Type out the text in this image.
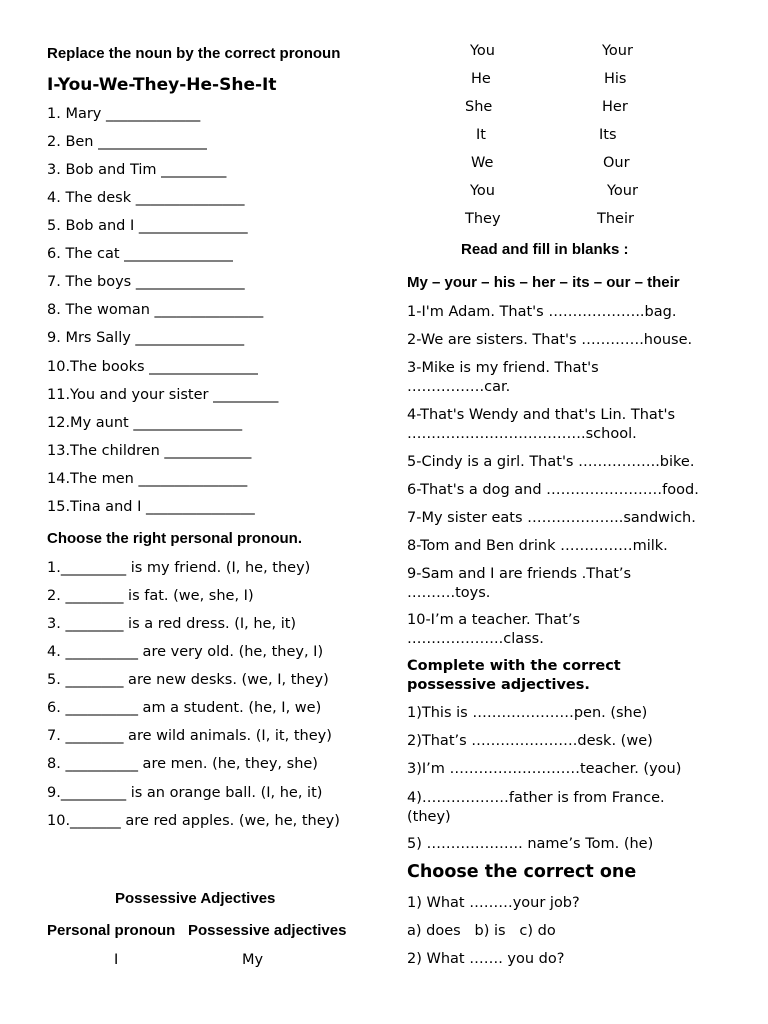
Replace the noun by the correct pronoun
I-You-We-They-He-She-It
1. Mary _____________
2. Ben _______________
3. Bob and Tim _________
4. The desk _______________
5. Bob and I _______________
6. The cat _______________
7. The boys _______________
8. The woman _______________
9. Mrs Sally _______________
10.The books _______________
11.You and your sister _________
12.My aunt _______________
13.The children ____________
14.The men _______________
15.Tina and I _______________
Choose the right personal pronoun.
1._________ is my friend. (I, he, they)
2. ________ is fat. (we, she, I)
3. ________ is a red dress. (I, he, it)
4. __________ are very old. (he, they, I)
5. ________ are new desks. (we, I, they)
6. __________ am a student. (he, I, we)
7. ________ are wild animals. (I, it, they)
8. __________ are men. (he, they, she)
9._________ is an orange ball. (I, he, it)
10._______ are red apples. (we, he, they)
Possessive Adjectives
Personal pronoun Possessive adjectives
I	My
You	Your
He	His
She	Her
It	Its
We	Our
You	Your
They	Their
Read and fill in blanks :
My – your – his – her – its – our – their
1-I'm Adam. That's ………………..bag.
2-We are sisters. That's ………….house.
3-Mike is my friend. That's …………….car.
4-That's Wendy and that's Lin. That's ……………………………….school.
5-Cindy is a girl. That's ……………..bike.
6-That's a dog and ……………………food.
7-My sister eats ………………..sandwich.
8-Tom and Ben drink ……………milk.
9-Sam and I are friends .That’s ……….toys.
10-I’m a teacher. That’s ………………..class.
Complete with the correct possessive adjectives.
1)This is …………………pen. (she)
2)That’s ………………….desk. (we)
3)I’m ………………………teacher. (you)
4)………………father is from France. (they)
5) ……………….. name’s Tom. (he)
Choose the correct one
1) What ………your job?
a) does   b) is   c) do
2) What ……. you do?
